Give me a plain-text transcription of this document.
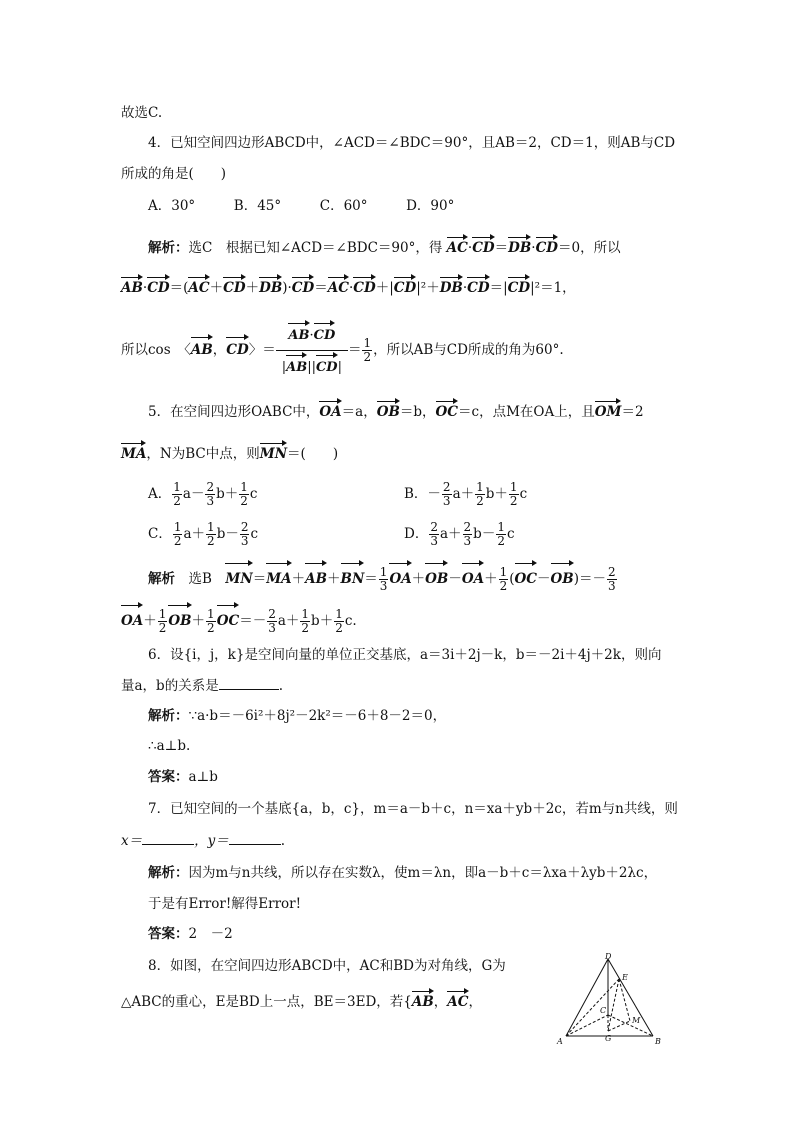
故选C.
4．已知空间四边形ABCD中，∠ACD＝∠BDC＝90°，且AB＝2，CD＝1，则AB与CD
所成的角是(　　)
A．30°	B．45°	C．60°	D．90°
解析：选C　根据已知∠ACD＝∠BDC＝90°，得 AC·CD＝DB·CD＝0，所以
AB·CD＝(AC＋CD＋DB)·CD＝AC·CD＋|CD|²＋DB·CD＝|CD|²＝1，
所以cos　〈AB，CD〉＝ $\frac{AB\cdot CD}{|AB||CD|} = \frac{1}{2}$ ，所以AB与CD所成的角为60°.
5．在空间四边形OABC中，OA＝a，OB＝b，OC＝c，点M在OA上，且OM＝2
MA，N为BC中点，则MN＝(　　)
A． $\frac{1}{2} a- \frac{2}{3} b+ \frac{1}{2}$ c	B．－ $\frac{2}{3} a+ \frac{1}{2} b+ \frac{1}{2}$ c
C． $\frac{1}{2} a+ \frac{1}{2} b- \frac{2}{3}$ c	D． $\frac{2}{3} a+ \frac{2}{3} b- \frac{1}{2}$ c
解析　 选B　 $MN=MA+AB+BN= \frac{1}{3} OA+OB-OA+ \frac{1}{2} (OC-OB)=- \frac{2}{3}$
$OA+ \frac{1}{2} OB+ \frac{1}{2} OC=- \frac{2}{3} a+ \frac{1}{2} b+ \frac{1}{2} c$.
6．设{i，j，k}是空间向量的单位正交基底，a＝3i＋2j－k，b＝－2i＋4j＋2k，则向
量a，b的关系是	.
解析：∵a·b＝－6i²＋8j²－2k²＝－6＋8－2＝0，
∴a⊥b.
答案：a⊥b
7．已知空间的一个基底{a，b，c}，m＝a－b＋c，n＝xa＋yb＋2c，若m与n共线，则
x＝	，y＝	.
解析：因为m与n共线，所以存在实数λ，使m＝λn，即a－b＋c＝λxa＋λyb＋2λc，
于是有Error!解得Error!
答案：2　－2
8．如图，在空间四边形ABCD中，AC和BD为对角线，G为
△ABC的重心，E是BD上一点，BE＝3ED，若{AB，AC，
D
E
C
M
A	G	B
